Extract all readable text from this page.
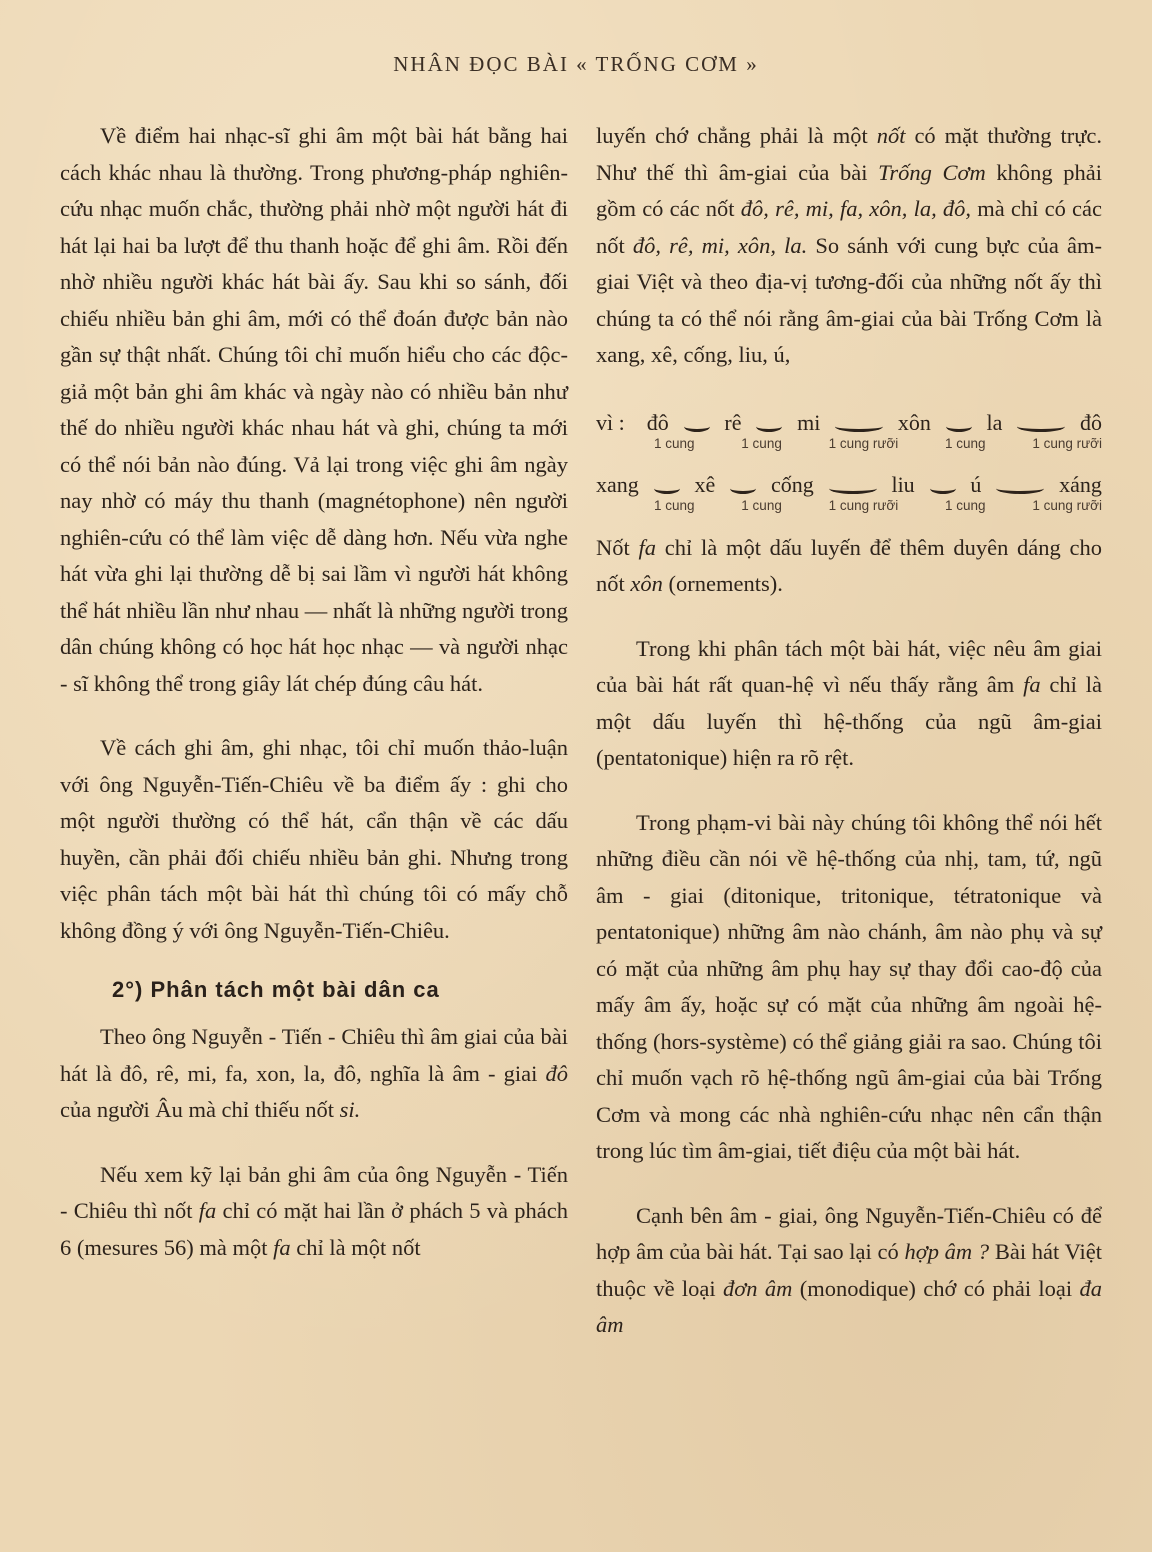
NHÂN ĐỌC BÀI « TRỐNG CƠM »

Về điểm hai nhạc-sĩ ghi âm một bài hát bằng hai cách khác nhau là thường. Trong phương-pháp nghiên-cứu nhạc muốn chắc, thường phải nhờ một người hát đi hát lại hai ba lượt để thu thanh hoặc để ghi âm. Rồi đến nhờ nhiều người khác hát bài ấy. Sau khi so sánh, đối chiếu nhiều bản ghi âm, mới có thể đoán được bản nào gần sự thật nhất. Chúng tôi chỉ muốn hiểu cho các độc-giả một bản ghi âm khác và ngày nào có nhiều bản như thế do nhiều người khác nhau hát và ghi, chúng ta mới có thể nói bản nào đúng. Vả lại trong việc ghi âm ngày nay nhờ có máy thu thanh (magnétophone) nên người nghiên-cứu có thể làm việc dễ dàng hơn. Nếu vừa nghe hát vừa ghi lại thường dễ bị sai lầm vì người hát không thể hát nhiều lần như nhau — nhất là những người trong dân chúng không có học hát học nhạc — và người nhạc - sĩ không thể trong giây lát chép đúng câu hát.

Về cách ghi âm, ghi nhạc, tôi chỉ muốn thảo-luận với ông Nguyễn-Tiến-Chiêu về ba điểm ấy : ghi cho một người thường có thể hát, cẩn thận về các dấu huyền, cần phải đối chiếu nhiều bản ghi. Nhưng trong việc phân tách một bài hát thì chúng tôi có mấy chỗ không đồng ý với ông Nguyễn-Tiến-Chiêu.

2°) Phân tách một bài dân ca

Theo ông Nguyễn - Tiến - Chiêu thì âm giai của bài hát là đô, rê, mi, fa, xon, la, đô, nghĩa là âm - giai đô của người Âu mà chỉ thiếu nốt si.

Nếu xem kỹ lại bản ghi âm của ông Nguyễn - Tiến - Chiêu thì nốt fa chỉ có mặt hai lần ở phách 5 và phách 6 (mesures 56) mà một fa chỉ là một nốt

luyến chớ chẳng phải là một nốt có mặt thường trực. Như thế thì âm-giai của bài Trống Cơm không phải gồm có các nốt đô, rê, mi, fa, xôn, la, đô, mà chỉ có các nốt đô, rê, mi, xôn, la. So sánh với cung bực của âm-giai Việt và theo địa-vị tương-đối của những nốt ấy thì chúng ta có thể nói rằng âm-giai của bài Trống Cơm là xang, xê, cống, liu, ú,

vì :	đô	rê	mi	xôn	la	đô
1 cung	1 cung	1 cung rưỡi	1 cung	1 cung rưỡi
xang	xê	cống	liu	ú	xáng
1 cung	1 cung	1 cung rưỡi	1 cung	1 cung rưỡi

Nốt fa chỉ là một dấu luyến để thêm duyên dáng cho nốt xôn (ornements).

Trong khi phân tách một bài hát, việc nêu âm giai của bài hát rất quan-hệ vì nếu thấy rằng âm fa chỉ là một dấu luyến thì hệ-thống của ngũ âm-giai (pentatonique) hiện ra rõ rệt.

Trong phạm-vi bài này chúng tôi không thể nói hết những điều cần nói về hệ-thống của nhị, tam, tứ, ngũ âm - giai (ditonique, tritonique, tétratonique và pentatonique) những âm nào chánh, âm nào phụ và sự có mặt của những âm phụ hay sự thay đổi cao-độ của mấy âm ấy, hoặc sự có mặt của những âm ngoài hệ-thống (hors-système) có thể giảng giải ra sao. Chúng tôi chỉ muốn vạch rõ hệ-thống ngũ âm-giai của bài Trống Cơm và mong các nhà nghiên-cứu nhạc nên cẩn thận trong lúc tìm âm-giai, tiết điệu của một bài hát.

Cạnh bên âm - giai, ông Nguyễn-Tiến-Chiêu có để hợp âm của bài hát. Tại sao lại có hợp âm ? Bài hát Việt thuộc về loại đơn âm (monodique) chớ có phải loại đa âm
